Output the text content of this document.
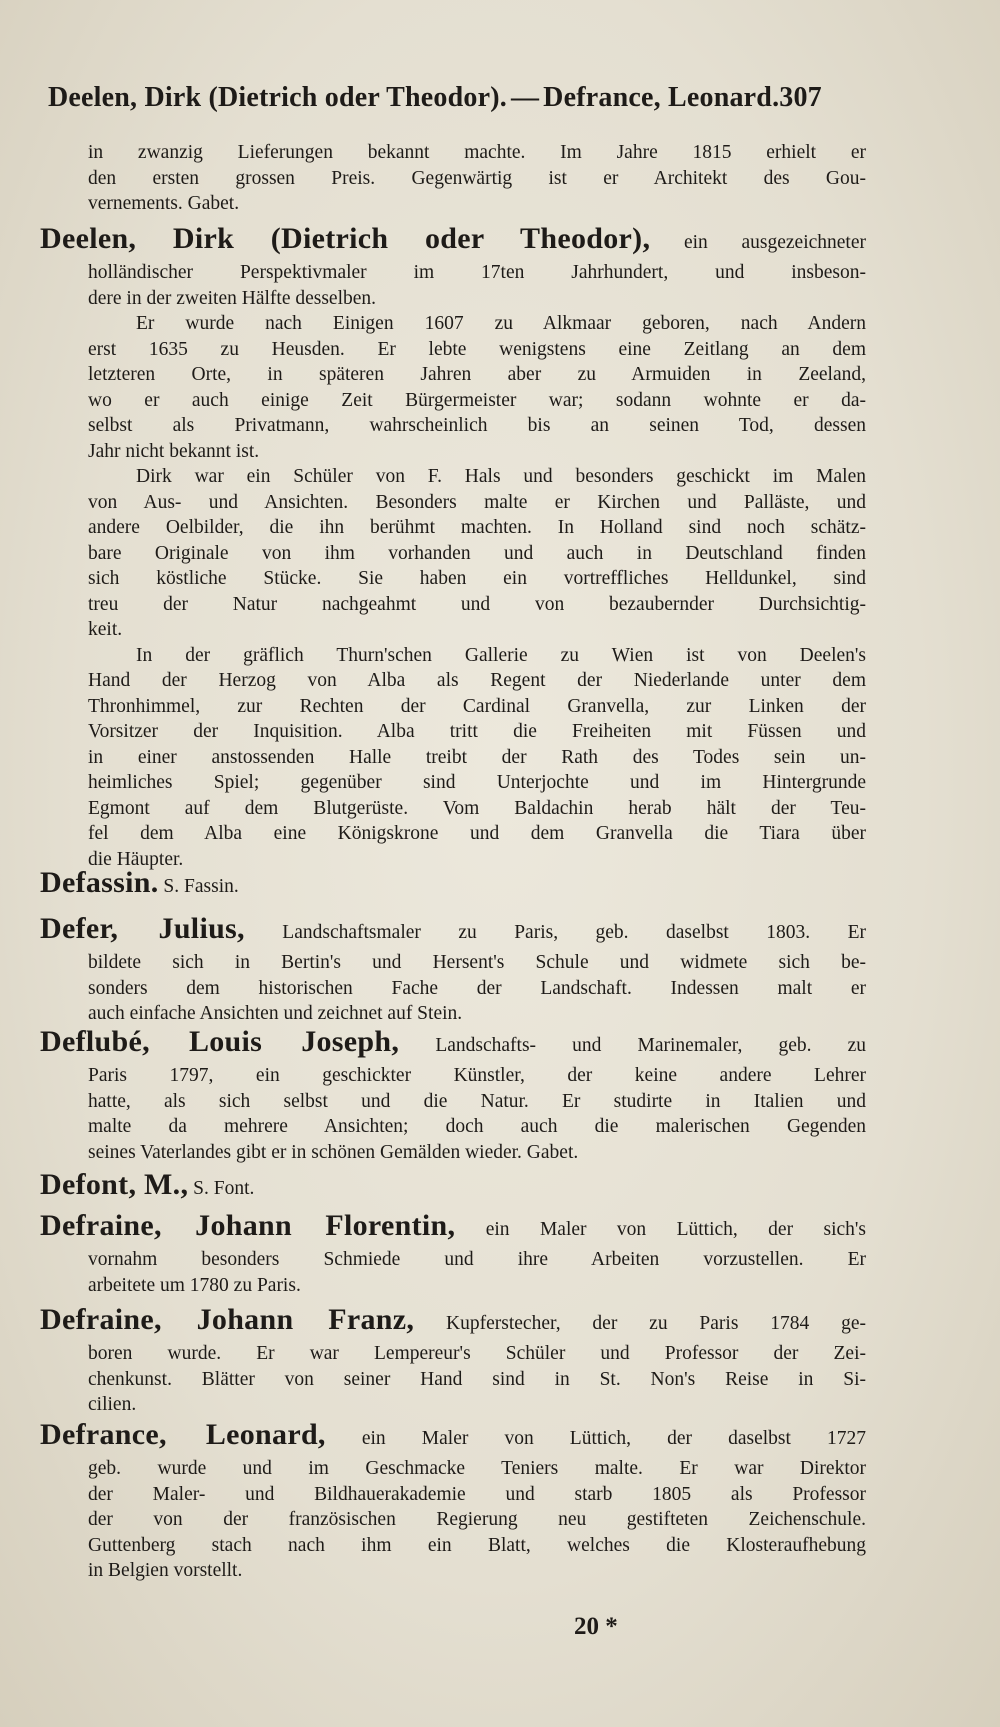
Deelen, Dirk (Dietrich oder Theodor). — Defrance, Leonard.307
in zwanzig Lieferungen bekannt machte. Im Jahre 1815 erhielt er
den ersten grossen Preis. Gegenwärtig ist er Architekt des Gou-
vernements. Gabet.
Deelen, Dirk (Dietrich oder Theodor), ein ausgezeichneter
holländischer Perspektivmaler im 17ten Jahrhundert, und insbeson-
dere in der zweiten Hälfte desselben.
Er wurde nach Einigen 1607 zu Alkmaar geboren, nach Andern
erst 1635 zu Heusden. Er lebte wenigstens eine Zeitlang an dem
letzteren Orte, in späteren Jahren aber zu Armuiden in Zeeland,
wo er auch einige Zeit Bürgermeister war; sodann wohnte er da-
selbst als Privatmann, wahrscheinlich bis an seinen Tod, dessen
Jahr nicht bekannt ist.
Dirk war ein Schüler von F. Hals und besonders geschickt im Malen
von Aus- und Ansichten. Besonders malte er Kirchen und Palläste, und
andere Oelbilder, die ihn berühmt machten. In Holland sind noch schätz-
bare Originale von ihm vorhanden und auch in Deutschland finden
sich köstliche Stücke. Sie haben ein vortreffliches Helldunkel, sind
treu der Natur nachgeahmt und von bezaubernder Durchsichtig-
keit.
In der gräflich Thurn'schen Gallerie zu Wien ist von Deelen's
Hand der Herzog von Alba als Regent der Niederlande unter dem
Thronhimmel, zur Rechten der Cardinal Granvella, zur Linken der
Vorsitzer der Inquisition. Alba tritt die Freiheiten mit Füssen und
in einer anstossenden Halle treibt der Rath des Todes sein un-
heimliches Spiel; gegenüber sind Unterjochte und im Hintergrunde
Egmont auf dem Blutgerüste. Vom Baldachin herab hält der Teu-
fel dem Alba eine Königskrone und dem Granvella die Tiara über
die Häupter.
Defassin. S. Fassin.
Defer, Julius, Landschaftsmaler zu Paris, geb. daselbst 1803. Er
bildete sich in Bertin's und Hersent's Schule und widmete sich be-
sonders dem historischen Fache der Landschaft. Indessen malt er
auch einfache Ansichten und zeichnet auf Stein.
Deflubé, Louis Joseph, Landschafts- und Marinemaler, geb. zu
Paris 1797, ein geschickter Künstler, der keine andere Lehrer
hatte, als sich selbst und die Natur. Er studirte in Italien und
malte da mehrere Ansichten; doch auch die malerischen Gegenden
seines Vaterlandes gibt er in schönen Gemälden wieder. Gabet.
Defont, M., S. Font.
Defraine, Johann Florentin, ein Maler von Lüttich, der sich's
vornahm besonders Schmiede und ihre Arbeiten vorzustellen. Er
arbeitete um 1780 zu Paris.
Defraine, Johann Franz, Kupferstecher, der zu Paris 1784 ge-
boren wurde. Er war Lempereur's Schüler und Professor der Zei-
chenkunst. Blätter von seiner Hand sind in St. Non's Reise in Si-
cilien.
Defrance, Leonard, ein Maler von Lüttich, der daselbst 1727
geb. wurde und im Geschmacke Teniers malte. Er war Direktor
der Maler- und Bildhauerakademie und starb 1805 als Professor
der von der französischen Regierung neu gestifteten Zeichenschule.
Guttenberg stach nach ihm ein Blatt, welches die Klosteraufhebung
in Belgien vorstellt.
20 *
